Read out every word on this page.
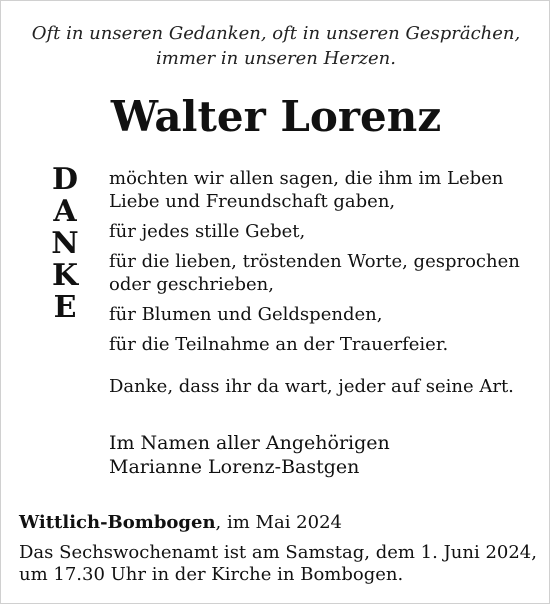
Oft in unseren Gedanken, oft in unseren Gesprächen,
immer in unseren Herzen.
Walter Lorenz
D
A
N
K
E
möchten wir allen sagen, die ihm im Leben
Liebe und Freundschaft gaben,
für jedes stille Gebet,
für die lieben, tröstenden Worte, gesprochen
oder geschrieben,
für Blumen und Geldspenden,
für die Teilnahme an der Trauerfeier.
Danke, dass ihr da wart, jeder auf seine Art.
Im Namen aller Angehörigen
Marianne Lorenz-Bastgen
Wittlich-Bombogen, im Mai 2024
Das Sechswochenamt ist am Samstag, dem 1. Juni 2024,
um 17.30 Uhr in der Kirche in Bombogen.
